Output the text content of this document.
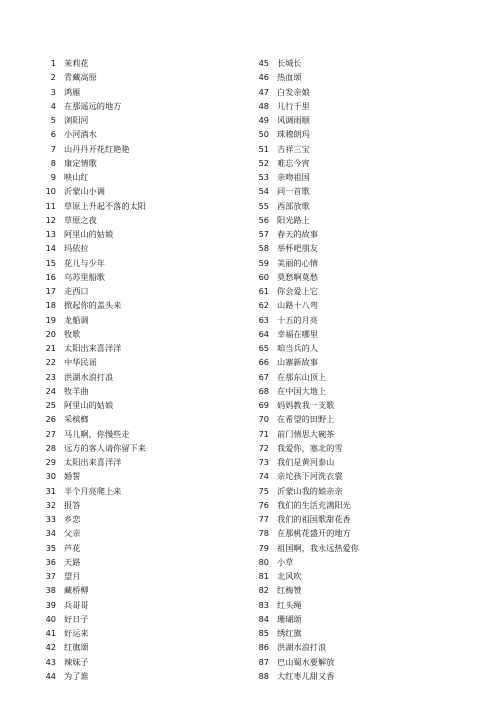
1 茉莉花
2 青藏高原
3 鸿雁
4 在那遥远的地方
5 浏阳河
6 小河淌水
7 山丹丹开花红艳艳
8 康定情歌
9 映山红
10 沂蒙山小调
11 草原上升起不落的太阳
12 草原之夜
13 阿里山的姑娘
14 玛依拉
15 花儿与少年
16 乌苏里船歌
17 走西口
18 掀起你的盖头来
19 龙船调
20 牧歌
21 太阳出来喜洋洋
22 中华民谣
23 洪湖水浪打浪
24 牧羊曲
25 阿里山的姑娘
26 采槟榔
27 马儿啊，你慢些走
28 远方的客人请你留下来
29 太阳出来喜洋洋
30 婚誓
31 半个月亮爬上来
32 报答
33 乡恋
34 父亲
35 芦花
36 天路
37 望月
38 藏桥柳
39 兵哥哥
40 好日子
41 好运来
42 红旗颂
43 辣妹子
44 为了谁
45 长城长
46 热血颂
47 白发亲娘
48 儿行千里
49 风调雨顺
50 珠穆朗玛
51 吉祥三宝
52 难忘今宵
53 亲吻祖国
54 同一首歌
55 西部放歌
56 阳光路上
57 春天的故事
58 举杯吧朋友
59 美丽的心情
60 莫愁啊莫愁
61 你会爱上它
62 山路十八弯
63 十五的月亮
64 幸福在哪里
65 咱当兵的人
66 山寨新故事
67 在那东山顶上
68 在中国大地上
69 妈妈教我一支歌
70 在希望的田野上
71 前门情思大碗茶
72 我爱你，塞北的雪
73 我们是黄河泰山
74 亲坨孩下河洗衣裳
75 沂蒙山我的娘亲亲
76 我们的生活充满阳光
77 我们的祖国歌甜花香
78 在那桃花盛开的地方
79 祖国啊，我永远热爱你
80 小草
81 北风吹
82 红梅赞
83 红头绳
84 珊瑚颂
85 绣红旗
86 洪湖水浪打浪
87 巴山蜀水要解放
88 大红枣儿甜又香
